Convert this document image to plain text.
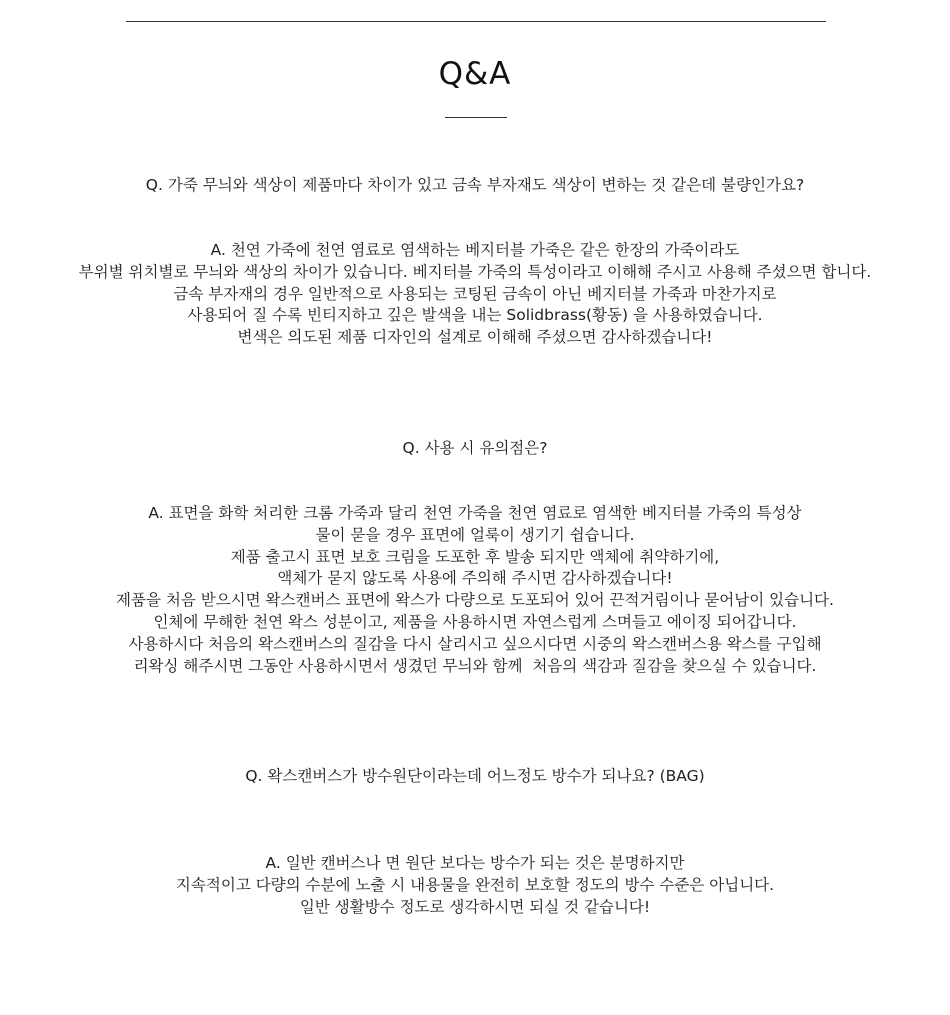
Q&A

Q. 가죽 무늬와 색상이 제품마다 차이가 있고 금속 부자재도 색상이 변하는 것 같은데 불량인가요?

A. 천연 가죽에 천연 염료로 염색하는 베지터블 가죽은 같은 한장의 가죽이라도
부위별 위치별로 무늬와 색상의 차이가 있습니다. 베지터블 가죽의 특성이라고 이해해 주시고 사용해 주셨으면 합니다.
금속 부자재의 경우 일반적으로 사용되는 코팅된 금속이 아닌 베지터블 가죽과 마찬가지로
사용되어 질 수록 빈티지하고 깊은 발색을 내는 Solidbrass(황동) 을 사용하였습니다.
변색은 의도된 제품 디자인의 설계로 이해해 주셨으면 감사하겠습니다!

Q. 사용 시 유의점은?

A. 표면을 화학 처리한 크롬 가죽과 달리 천연 가죽을 천연 염료로 염색한 베지터블 가죽의 특성상
물이 묻을 경우 표면에 얼룩이 생기기 쉽습니다.
제품 출고시 표면 보호 크림을 도포한 후 발송 되지만 액체에 취약하기에,
액체가 묻지 않도록 사용에 주의해 주시면 감사하겠습니다!
제품을 처음 받으시면 왁스캔버스 표면에 왁스가 다량으로 도포되어 있어 끈적거림이나 묻어남이 있습니다.
인체에 무해한 천연 왁스 성분이고, 제품을 사용하시면 자연스럽게 스며들고 에이징 되어갑니다.
사용하시다 처음의 왁스캔버스의 질감을 다시 살리시고 싶으시다면 시중의 왁스캔버스용 왁스를 구입해
리왁싱 해주시면 그동안 사용하시면서 생겼던 무늬와 함께  처음의 색감과 질감을 찾으실 수 있습니다.

Q. 왁스캔버스가 방수원단이라는데 어느정도 방수가 되나요? (BAG)

A. 일반 캔버스나 면 원단 보다는 방수가 되는 것은 분명하지만
지속적이고 다량의 수분에 노출 시 내용물을 완전히 보호할 정도의 방수 수준은 아닙니다.
일반 생활방수 정도로 생각하시면 되실 것 같습니다!
